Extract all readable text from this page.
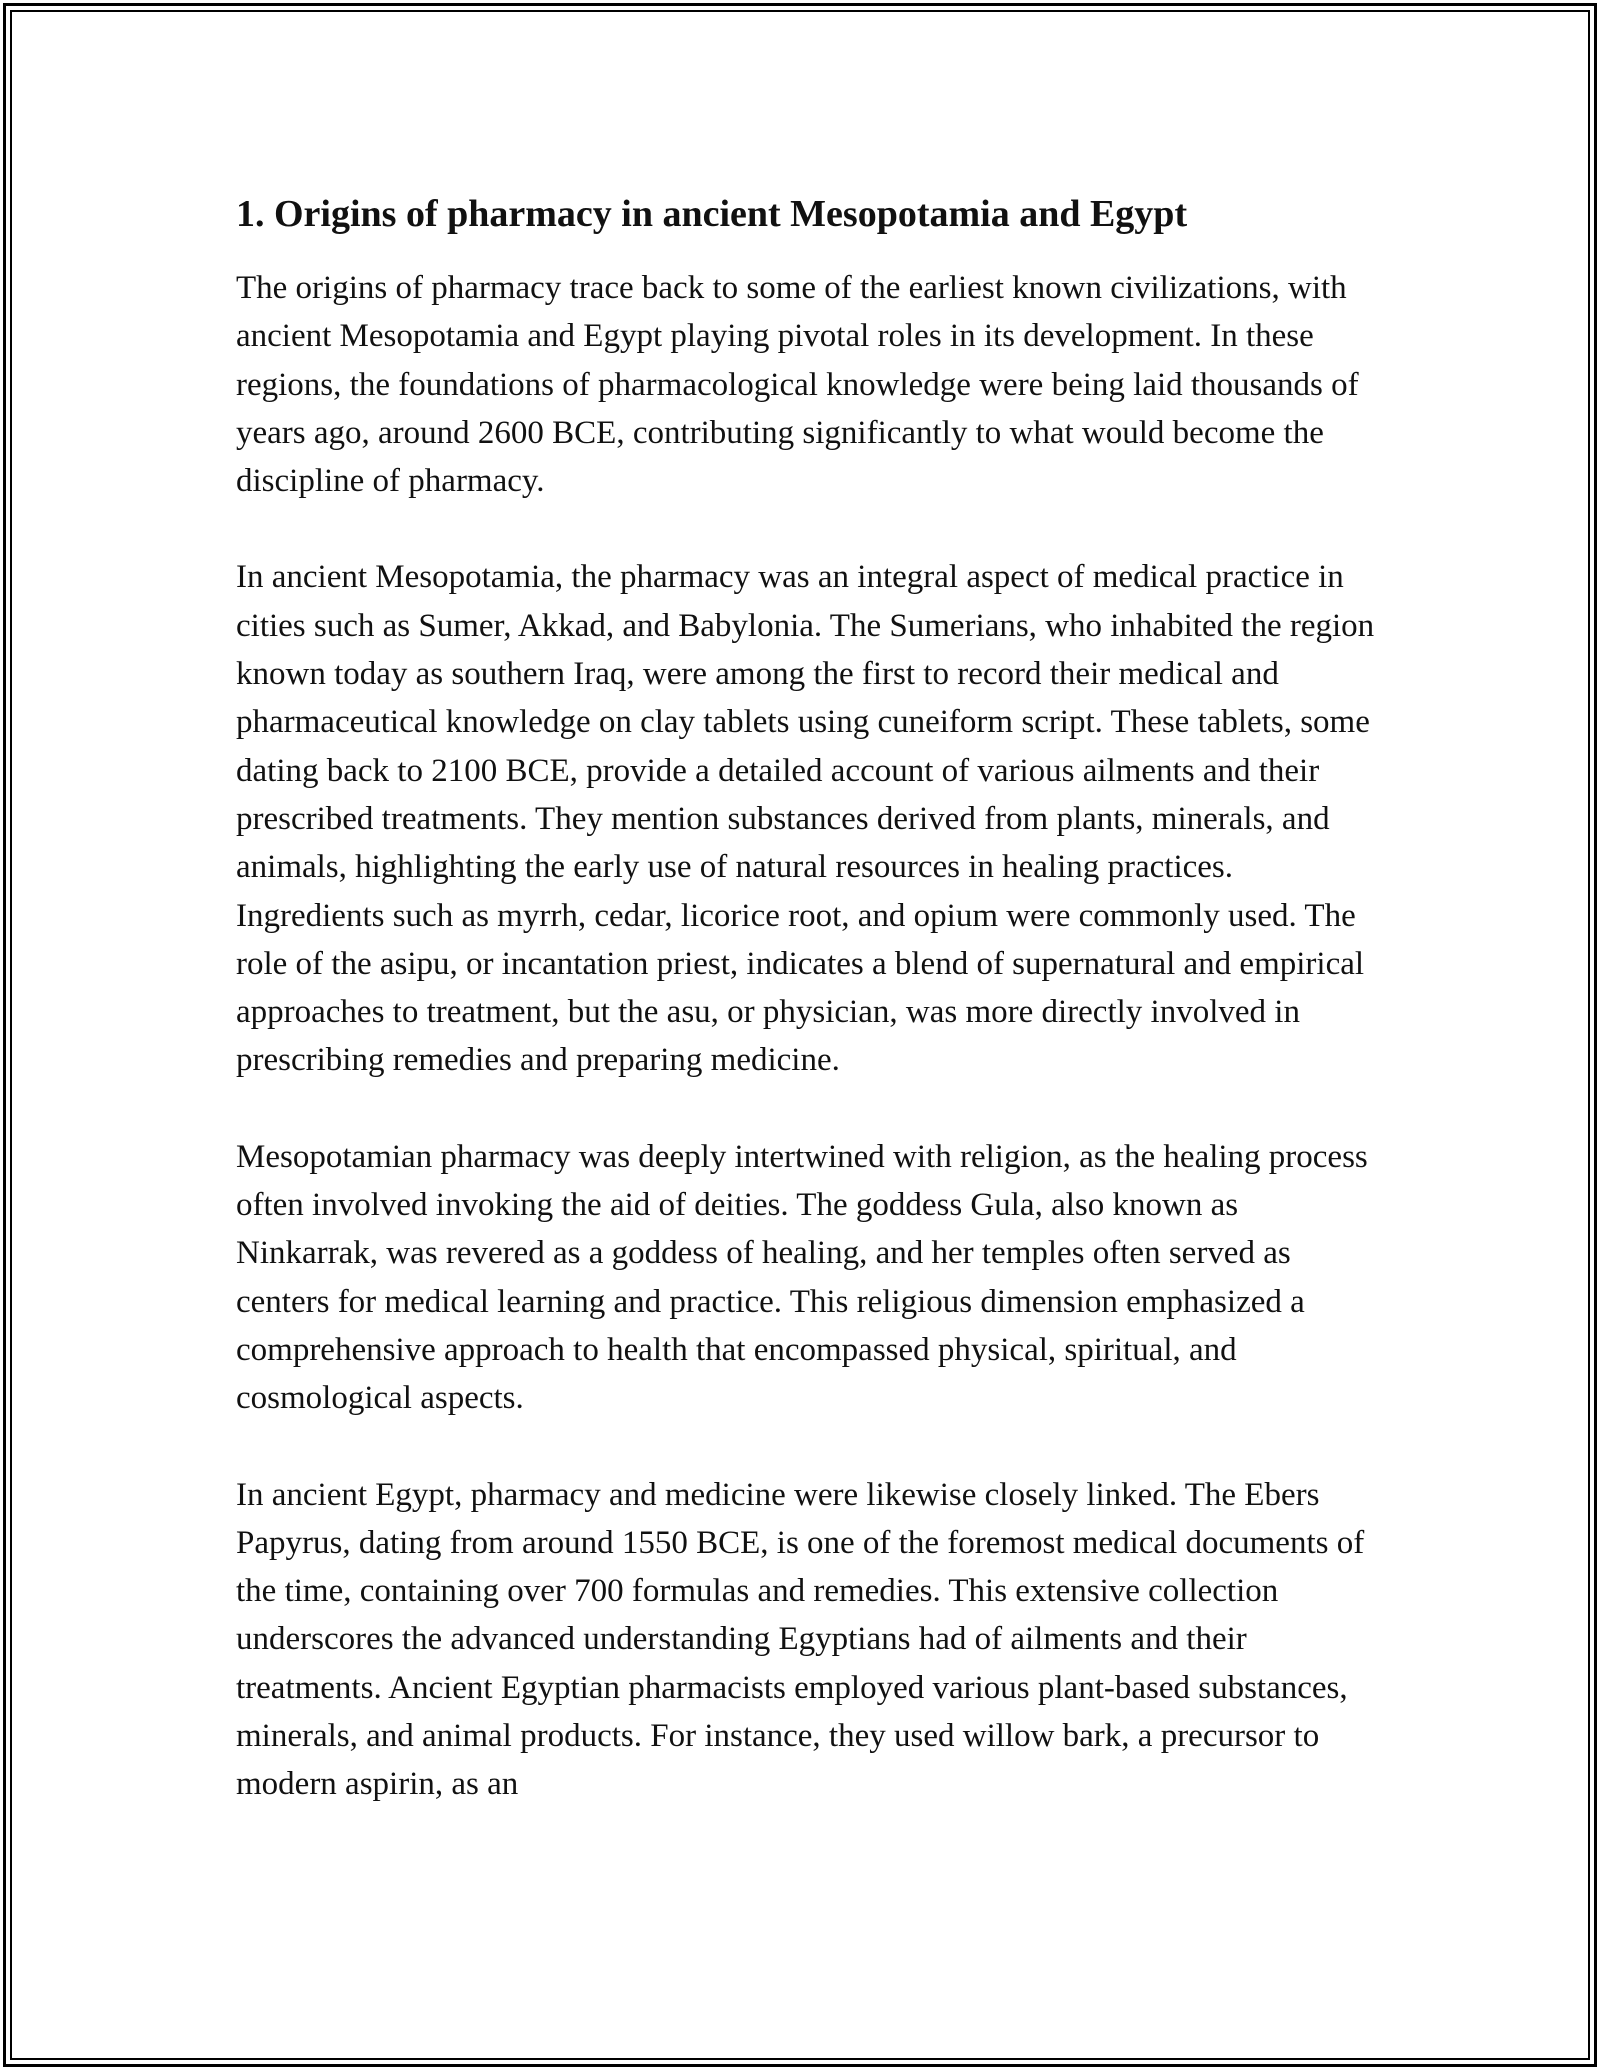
1. Origins of pharmacy in ancient Mesopotamia and Egypt

The origins of pharmacy trace back to some of the earliest known civilizations, with ancient Mesopotamia and Egypt playing pivotal roles in its development. In these regions, the foundations of pharmacological knowledge were being laid thousands of years ago, around 2600 BCE, contributing significantly to what would become the discipline of pharmacy.

In ancient Mesopotamia, the pharmacy was an integral aspect of medical practice in cities such as Sumer, Akkad, and Babylonia. The Sumerians, who inhabited the region known today as southern Iraq, were among the first to record their medical and pharmaceutical knowledge on clay tablets using cuneiform script. These tablets, some dating back to 2100 BCE, provide a detailed account of various ailments and their prescribed treatments. They mention substances derived from plants, minerals, and animals, highlighting the early use of natural resources in healing practices. Ingredients such as myrrh, cedar, licorice root, and opium were commonly used. The role of the asipu, or incantation priest, indicates a blend of supernatural and empirical approaches to treatment, but the asu, or physician, was more directly involved in prescribing remedies and preparing medicine.

Mesopotamian pharmacy was deeply intertwined with religion, as the healing process often involved invoking the aid of deities. The goddess Gula, also known as Ninkarrak, was revered as a goddess of healing, and her temples often served as centers for medical learning and practice. This religious dimension emphasized a comprehensive approach to health that encompassed physical, spiritual, and cosmological aspects.

In ancient Egypt, pharmacy and medicine were likewise closely linked. The Ebers Papyrus, dating from around 1550 BCE, is one of the foremost medical documents of the time, containing over 700 formulas and remedies. This extensive collection underscores the advanced understanding Egyptians had of ailments and their treatments. Ancient Egyptian pharmacists employed various plant-based substances, minerals, and animal products. For instance, they used willow bark, a precursor to modern aspirin, as an
